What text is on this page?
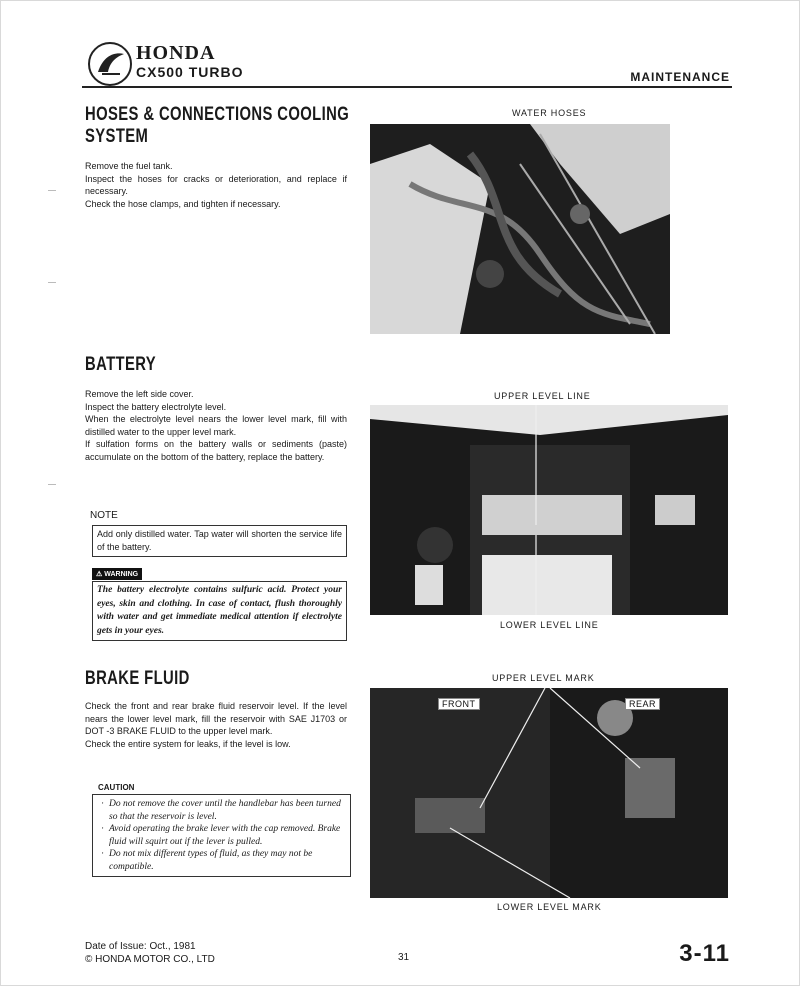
HONDA
CX500 TURBO	MAINTENANCE
HOSES & CONNECTIONS COOLING
SYSTEM

Remove the fuel tank.

Inspect the hoses for cracks or deterioration, and replace if necessary.

Check the hose clamps, and tighten if necessary.

WATER HOSES
BATTERY

Remove the left side cover.

Inspect the battery electrolyte level.

When the electrolyte level nears the lower level mark, fill with distilled water to the upper level mark.

If sulfation forms on the battery walls or sediments (paste) accumulate on the bottom of the battery, replace the battery.

NOTE
Add only distilled water. Tap water will shorten the service life of the battery.
⚠ WARNING
The battery electrolyte contains sulfuric acid. Protect your eyes, skin and clothing. In case of contact, flush thoroughly with water and get immediate medical attention if electrolyte gets in your eyes.
UPPER LEVEL LINE
LOWER LEVEL LINE
BRAKE FLUID

Check the front and rear brake fluid reservoir level. If the level nears the lower level mark, fill the reservoir with SAE J1703 or DOT -3 BRAKE FLUID to the upper level mark.

Check the entire system for leaks, if the level is low.

CAUTION
· Do not remove the cover until the handlebar has been turned so that the reservoir is level.
· Avoid operating the brake lever with the cap removed. Brake fluid will squirt out if the lever is pulled.
· Do not mix different types of fluid, as they may not be compatible.
UPPER LEVEL MARK
FRONT	REAR
LOWER LEVEL MARK
Date of Issue: Oct., 1981
© HONDA MOTOR CO., LTD	31	3-11
